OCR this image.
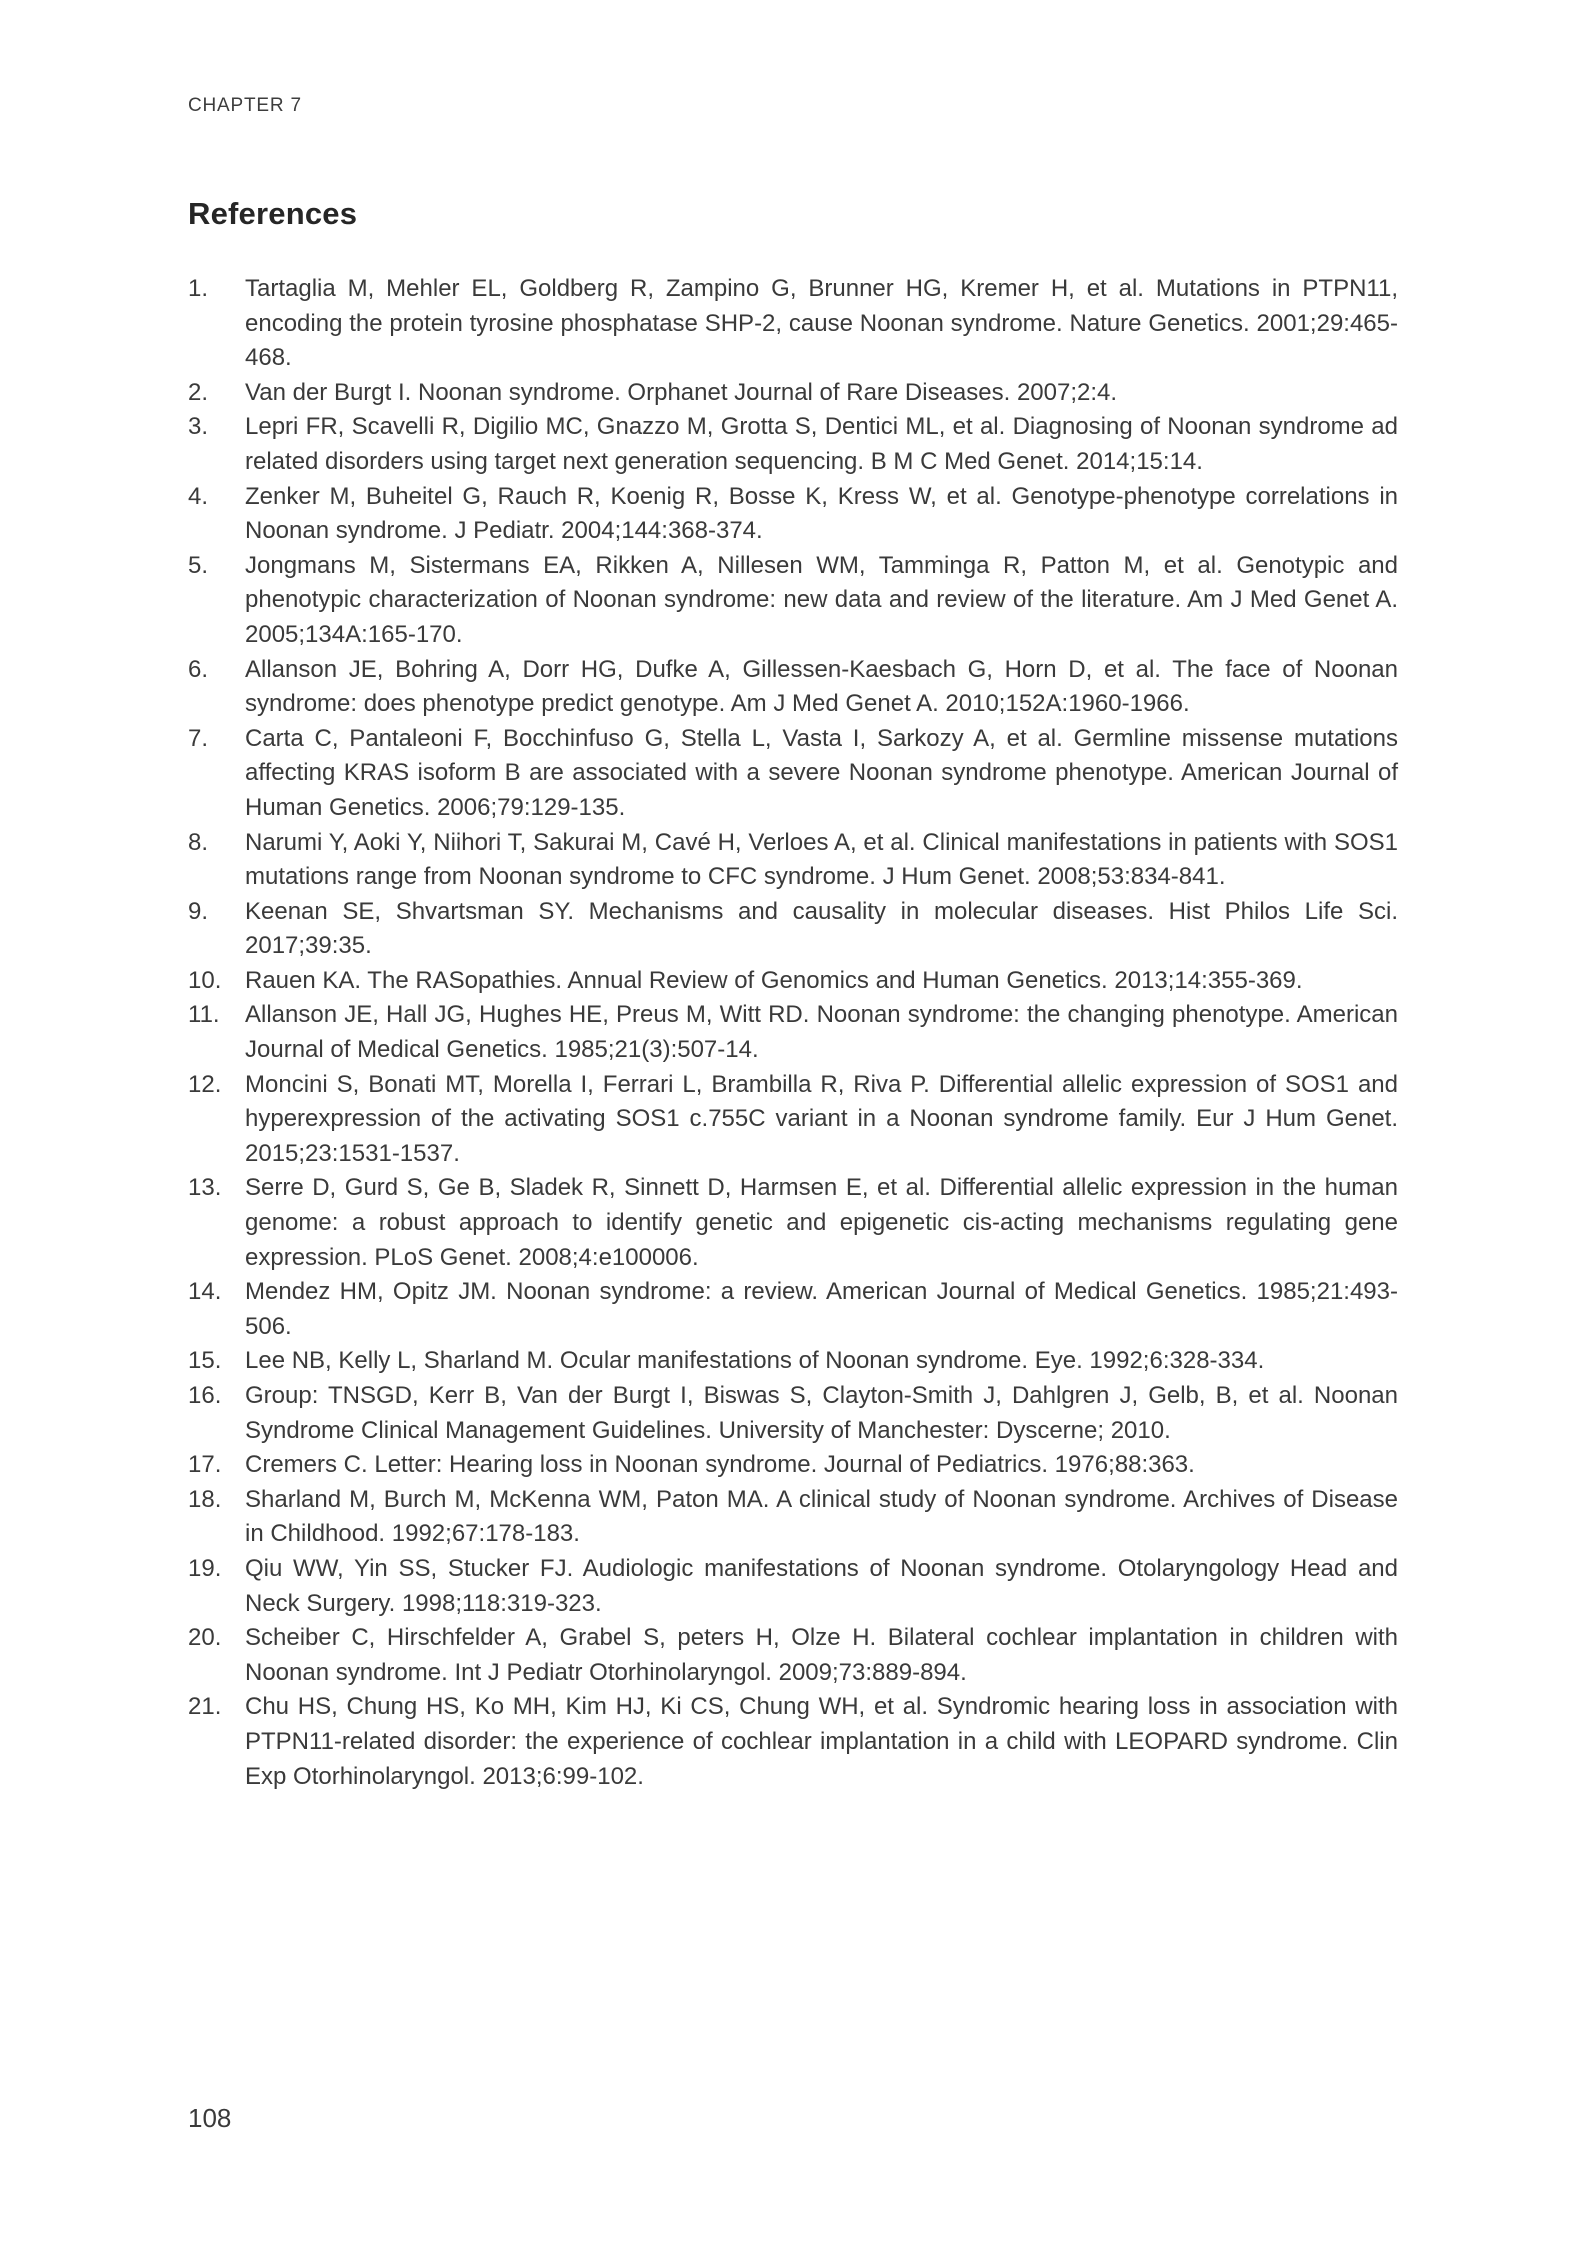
CHAPTER 7
References
1.	Tartaglia M, Mehler EL, Goldberg R, Zampino G, Brunner HG, Kremer H, et al. Mutations in PTPN11, encoding the protein tyrosine phosphatase SHP-2, cause Noonan syndrome. Nature Genetics. 2001;29:465-468.
2.	Van der Burgt I. Noonan syndrome. Orphanet Journal of Rare Diseases. 2007;2:4.
3.	Lepri FR, Scavelli R, Digilio MC, Gnazzo M, Grotta S, Dentici ML, et al. Diagnosing of Noonan syndrome ad related disorders using target next generation sequencing. B M C Med Genet. 2014;15:14.
4.	Zenker M, Buheitel G, Rauch R, Koenig R, Bosse K, Kress W, et al. Genotype-phenotype correlations in Noonan syndrome. J Pediatr. 2004;144:368-374.
5.	Jongmans M, Sistermans EA, Rikken A, Nillesen WM, Tamminga R, Patton M, et al. Genotypic and phenotypic characterization of Noonan syndrome: new data and review of the literature. Am J Med Genet A. 2005;134A:165-170.
6.	Allanson JE, Bohring A, Dorr HG, Dufke A, Gillessen-Kaesbach G, Horn D, et al. The face of Noonan syndrome: does phenotype predict genotype. Am J Med Genet A. 2010;152A:1960-1966.
7.	Carta C, Pantaleoni F, Bocchinfuso G, Stella L, Vasta I, Sarkozy A, et al. Germline missense mutations affecting KRAS isoform B are associated with a severe Noonan syndrome phenotype. American Journal of Human Genetics. 2006;79:129-135.
8.	Narumi Y, Aoki Y, Niihori T, Sakurai M, Cavé H, Verloes A, et al. Clinical manifestations in patients with SOS1 mutations range from Noonan syndrome to CFC syndrome. J Hum Genet. 2008;53:834-841.
9.	Keenan SE, Shvartsman SY. Mechanisms and causality in molecular diseases. Hist Philos Life Sci. 2017;39:35.
10. Rauen KA. The RASopathies. Annual Review of Genomics and Human Genetics. 2013;14:355-369.
11.	Allanson JE, Hall JG, Hughes HE, Preus M, Witt RD. Noonan syndrome: the changing phenotype. American Journal of Medical Genetics. 1985;21(3):507-14.
12. Moncini S, Bonati MT, Morella I, Ferrari L, Brambilla R, Riva P. Differential allelic expression of SOS1 and hyperexpression of the activating SOS1 c.755C variant in a Noonan syndrome family. Eur J Hum Genet. 2015;23:1531-1537.
13. Serre D, Gurd S, Ge B, Sladek R, Sinnett D, Harmsen E, et al. Differential allelic expression in the human genome: a robust approach to identify genetic and epigenetic cis-acting mechanisms regulating gene expression. PLoS Genet. 2008;4:e100006.
14. Mendez HM, Opitz JM. Noonan syndrome: a review. American Journal of Medical Genetics. 1985;21:493-506.
15. Lee NB, Kelly L, Sharland M. Ocular manifestations of Noonan syndrome. Eye. 1992;6:328-334.
16. Group: TNSGD, Kerr B, Van der Burgt I, Biswas S, Clayton-Smith J, Dahlgren J, Gelb, B, et al. Noonan Syndrome Clinical Management Guidelines. University of Manchester: Dyscerne; 2010.
17. Cremers C. Letter: Hearing loss in Noonan syndrome. Journal of Pediatrics. 1976;88:363.
18. Sharland M, Burch M, McKenna WM, Paton MA. A clinical study of Noonan syndrome. Archives of Disease in Childhood. 1992;67:178-183.
19. Qiu WW, Yin SS, Stucker FJ. Audiologic manifestations of Noonan syndrome. Otolaryngology Head and Neck Surgery. 1998;118:319-323.
20. Scheiber C, Hirschfelder A, Grabel S, peters H, Olze H. Bilateral cochlear implantation in children with Noonan syndrome. Int J Pediatr Otorhinolaryngol. 2009;73:889-894.
21. Chu HS, Chung HS, Ko MH, Kim HJ, Ki CS, Chung WH, et al. Syndromic hearing loss in association with PTPN11-related disorder: the experience of cochlear implantation in a child with LEOPARD syndrome. Clin Exp Otorhinolaryngol. 2013;6:99-102.
108
